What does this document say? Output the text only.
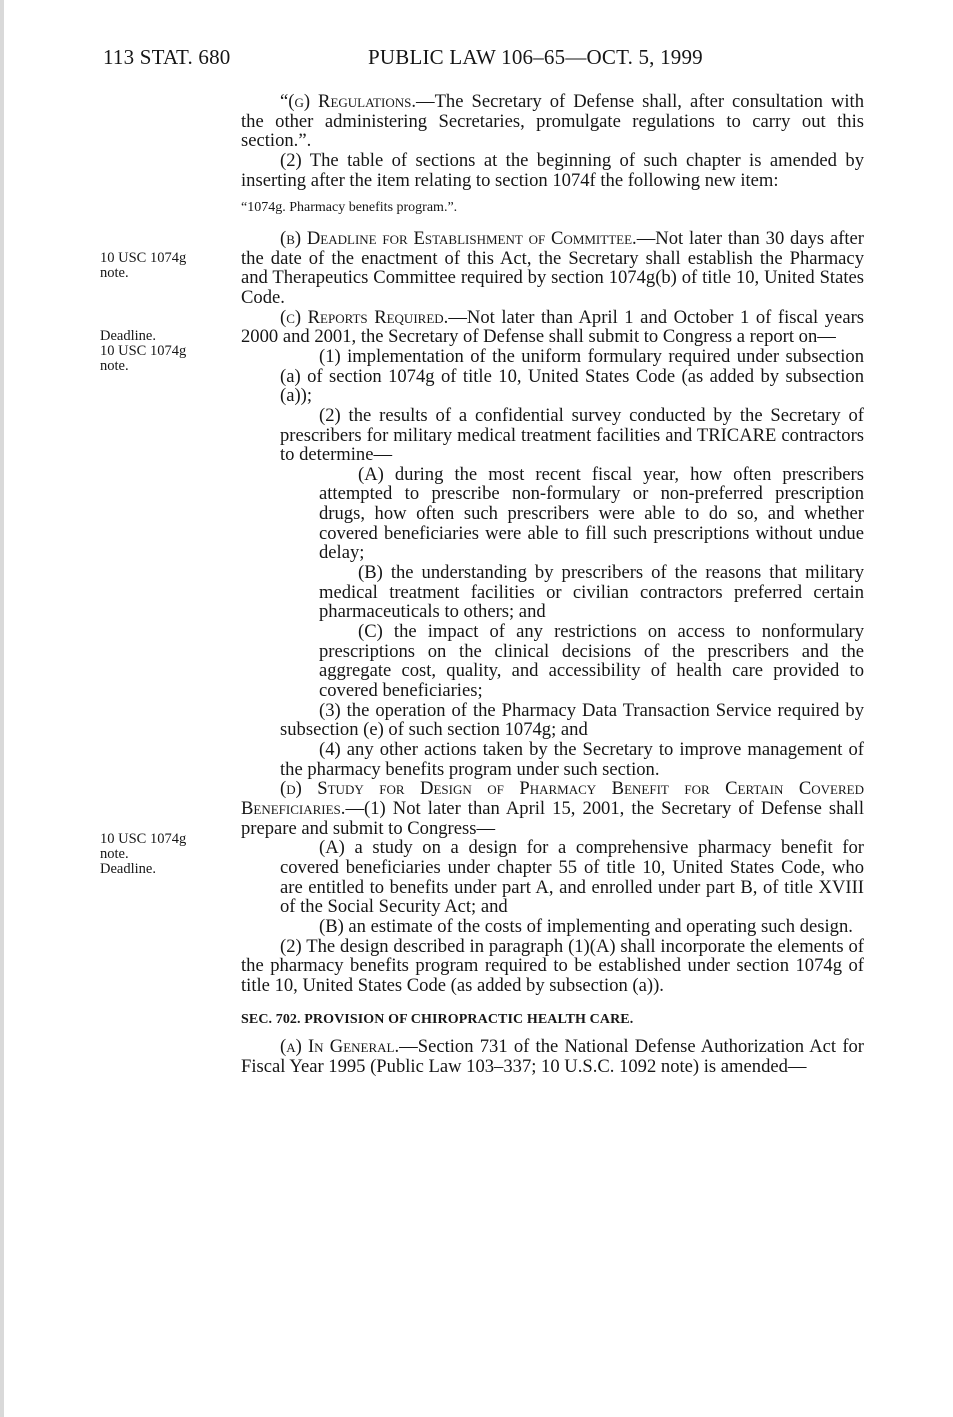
113 STAT. 680	PUBLIC LAW 106–65—OCT. 5, 1999
10 USC 1074g
note.
Deadline.
10 USC 1074g
note.
10 USC 1074g
note.
Deadline.

“(g) Regulations.—The Secretary of Defense shall, after consultation with the other administering Secretaries, promulgate regulations to carry out this section.”.

(2) The table of sections at the beginning of such chapter is amended by inserting after the item relating to section 1074f the following new item:

“1074g. Pharmacy benefits program.”.

(b) Deadline for Establishment of Committee.—Not later than 30 days after the date of the enactment of this Act, the Secretary shall establish the Pharmacy and Therapeutics Committee required by section 1074g(b) of title 10, United States Code.

(c) Reports Required.—Not later than April 1 and October 1 of fiscal years 2000 and 2001, the Secretary of Defense shall submit to Congress a report on—

(1) implementation of the uniform formulary required under subsection (a) of section 1074g of title 10, United States Code (as added by subsection (a));

(2) the results of a confidential survey conducted by the Secretary of prescribers for military medical treatment facilities and TRICARE contractors to determine—

(A) during the most recent fiscal year, how often prescribers attempted to prescribe non-formulary or non-preferred prescription drugs, how often such prescribers were able to do so, and whether covered beneficiaries were able to fill such prescriptions without undue delay;

(B) the understanding by prescribers of the reasons that military medical treatment facilities or civilian contractors preferred certain pharmaceuticals to others; and

(C) the impact of any restrictions on access to nonformulary prescriptions on the clinical decisions of the prescribers and the aggregate cost, quality, and accessibility of health care provided to covered beneficiaries;

(3) the operation of the Pharmacy Data Transaction Service required by subsection (e) of such section 1074g; and

(4) any other actions taken by the Secretary to improve management of the pharmacy benefits program under such section.

(d) Study for Design of Pharmacy Benefit for Certain Covered Beneficiaries.—(1) Not later than April 15, 2001, the Secretary of Defense shall prepare and submit to Congress—

(A) a study on a design for a comprehensive pharmacy benefit for covered beneficiaries under chapter 55 of title 10, United States Code, who are entitled to benefits under part A, and enrolled under part B, of title XVIII of the Social Security Act; and

(B) an estimate of the costs of implementing and operating such design.

(2) The design described in paragraph (1)(A) shall incorporate the elements of the pharmacy benefits program required to be established under section 1074g of title 10, United States Code (as added by subsection (a)).

SEC. 702. PROVISION OF CHIROPRACTIC HEALTH CARE.

(a) In General.—Section 731 of the National Defense Authorization Act for Fiscal Year 1995 (Public Law 103–337; 10 U.S.C. 1092 note) is amended—
